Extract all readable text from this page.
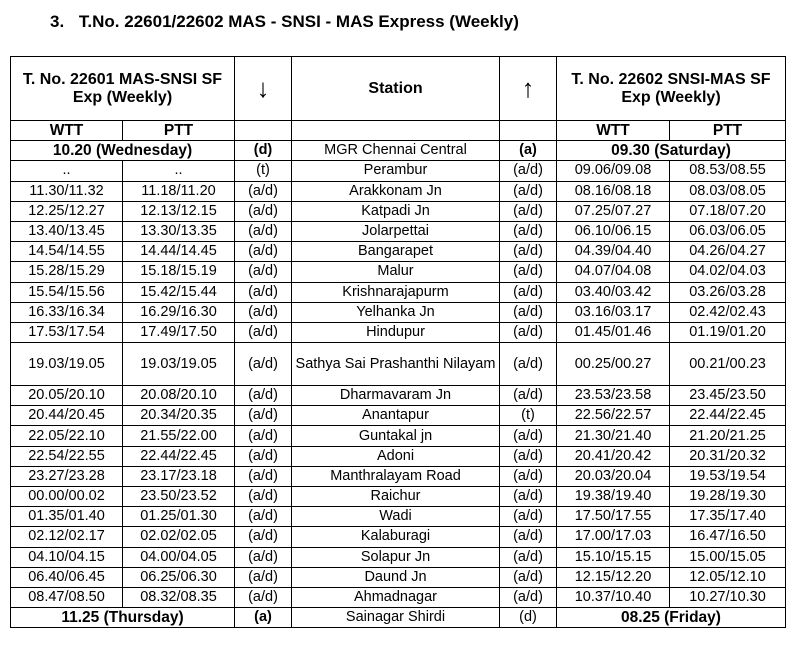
3. T.No. 22601/22602 MAS - SNSI - MAS Express (Weekly)
T. No. 22601 MAS-SNSI SF Exp (Weekly)		↓	Station	↑	T. No. 22602 SNSI-MAS SF Exp (Weekly)	
WTT	PTT				WTT	PTT
10.20 (Wednesday)		(d)	MGR Chennai Central	(a)	09.30 (Saturday)	
..	..	(t)	Perambur	(a/d)	09.06/09.08	08.53/08.55
11.30/11.32	11.18/11.20	(a/d)	Arakkonam Jn	(a/d)	08.16/08.18	08.03/08.05
12.25/12.27	12.13/12.15	(a/d)	Katpadi Jn	(a/d)	07.25/07.27	07.18/07.20
13.40/13.45	13.30/13.35	(a/d)	Jolarpettai	(a/d)	06.10/06.15	06.03/06.05
14.54/14.55	14.44/14.45	(a/d)	Bangarapet	(a/d)	04.39/04.40	04.26/04.27
15.28/15.29	15.18/15.19	(a/d)	Malur	(a/d)	04.07/04.08	04.02/04.03
15.54/15.56	15.42/15.44	(a/d)	Krishnarajapurm	(a/d)	03.40/03.42	03.26/03.28
16.33/16.34	16.29/16.30	(a/d)	Yelhanka Jn	(a/d)	03.16/03.17	02.42/02.43
17.53/17.54	17.49/17.50	(a/d)	Hindupur	(a/d)	01.45/01.46	01.19/01.20
19.03/19.05	19.03/19.05	(a/d)	Sathya Sai Prashanthi Nilayam	(a/d)	00.25/00.27	00.21/00.23
20.05/20.10	20.08/20.10	(a/d)	Dharmavaram Jn	(a/d)	23.53/23.58	23.45/23.50
20.44/20.45	20.34/20.35	(a/d)	Anantapur	(t)	22.56/22.57	22.44/22.45
22.05/22.10	21.55/22.00	(a/d)	Guntakal jn	(a/d)	21.30/21.40	21.20/21.25
22.54/22.55	22.44/22.45	(a/d)	Adoni	(a/d)	20.41/20.42	20.31/20.32
23.27/23.28	23.17/23.18	(a/d)	Manthralayam Road	(a/d)	20.03/20.04	19.53/19.54
00.00/00.02	23.50/23.52	(a/d)	Raichur	(a/d)	19.38/19.40	19.28/19.30
01.35/01.40	01.25/01.30	(a/d)	Wadi	(a/d)	17.50/17.55	17.35/17.40
02.12/02.17	02.02/02.05	(a/d)	Kalaburagi	(a/d)	17.00/17.03	16.47/16.50
04.10/04.15	04.00/04.05	(a/d)	Solapur Jn	(a/d)	15.10/15.15	15.00/15.05
06.40/06.45	06.25/06.30	(a/d)	Daund Jn	(a/d)	12.15/12.20	12.05/12.10
08.47/08.50	08.32/08.35	(a/d)	Ahmadnagar	(a/d)	10.37/10.40	10.27/10.30
11.25 (Thursday)		(a)	Sainagar Shirdi	(d)	08.25 (Friday)	
